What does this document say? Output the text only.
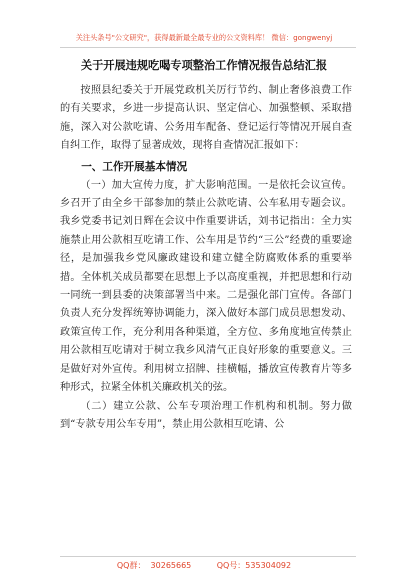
关注头条号"公文研究"，获得最新最全最专业的公文资料库！ 微信：gongwenyj
关于开展违规吃喝专项整治工作情况报告总结汇报

按照县纪委关于开展党政机关厉行节约、制止奢侈浪费工作的有关要求，乡进一步提高认识、坚定信心、加强整顿、采取措施，深入对公款吃请、公务用车配备、登记运行等情况开展自查自纠工作，取得了显著成效，现将自查情况汇报如下：

一、工作开展基本情况

（一）加大宣传力度，扩大影响范围。一是依托会议宣传。乡召开了由全乡干部参加的禁止公款吃请、公车私用专题会议。我乡党委书记刘日辉在会议中作重要讲话，刘书记指出：全力实施禁止用公款相互吃请工作、公车用是节约“三公”经费的重要途径，是加强我乡党风廉政建设和建立健全防腐败体系的重要举措。全体机关成员都要在思想上予以高度重视，并把思想和行动一同统一到县委的决策部署当中来。二是强化部门宣传。各部门负责人充分发挥统筹协调能力，深入做好本部门成员思想发动、政策宣传工作，充分利用各种渠道，全方位、多角度地宣传禁止用公款相互吃请对于树立我乡风清气正良好形象的重要意义。三是做好对外宣传。利用树立招牌、挂横幅，播放宣传教育片等多种形式，拉紧全体机关廉政机关的弦。

（二）建立公款、公车专项治理工作机构和机制。努力做到“专款专用公车专用”，禁止用公款相互吃请、公

QQ群：  30265665          QQ号：535304092
